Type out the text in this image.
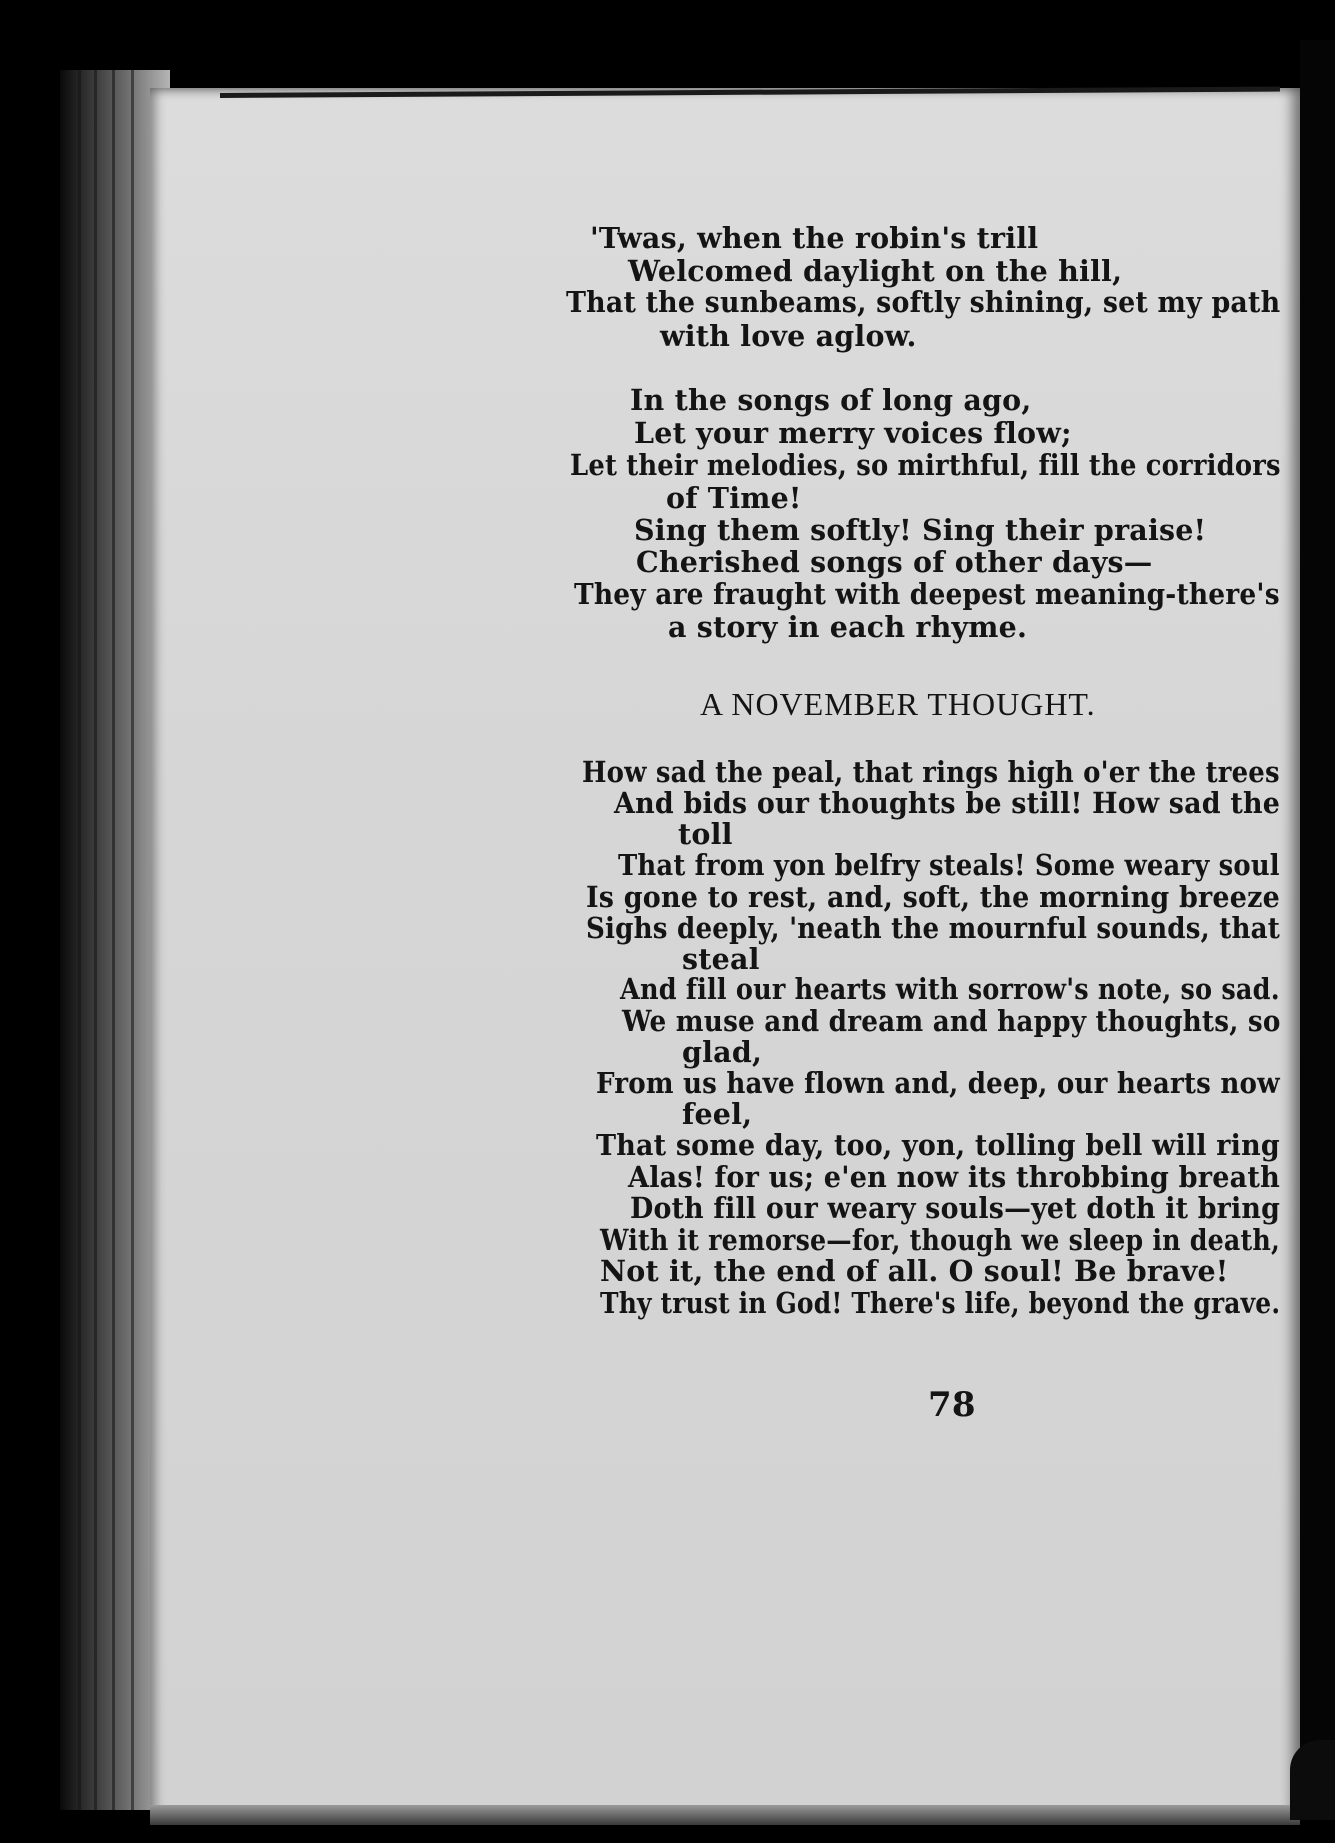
'Twas, when the robin's trill
Welcomed daylight on the hill,
That the sunbeams, softly shining, set my path
with love aglow.
In the songs of long ago,
Let your merry voices flow;
Let their melodies, so mirthful, fill the corridors
of Time!
Sing them softly! Sing their praise!
Cherished songs of other days—
They are fraught with deepest meaning-there's
a story in each rhyme.
A NOVEMBER THOUGHT.
How sad the peal, that rings high o'er the trees
And bids our thoughts be still! How sad the
toll
That from yon belfry steals! Some weary soul
Is gone to rest, and, soft, the morning breeze
Sighs deeply, 'neath the mournful sounds, that
steal
And fill our hearts with sorrow's note, so sad.
We muse and dream and happy thoughts, so
glad,
From us have flown and, deep, our hearts now
feel,
That some day, too, yon, tolling bell will ring
Alas! for us; e'en now its throbbing breath
Doth fill our weary souls—yet doth it bring
With it remorse—for, though we sleep in death,
Not it, the end of all. O soul! Be brave!
Thy trust in God! There's life, beyond the grave.
78
